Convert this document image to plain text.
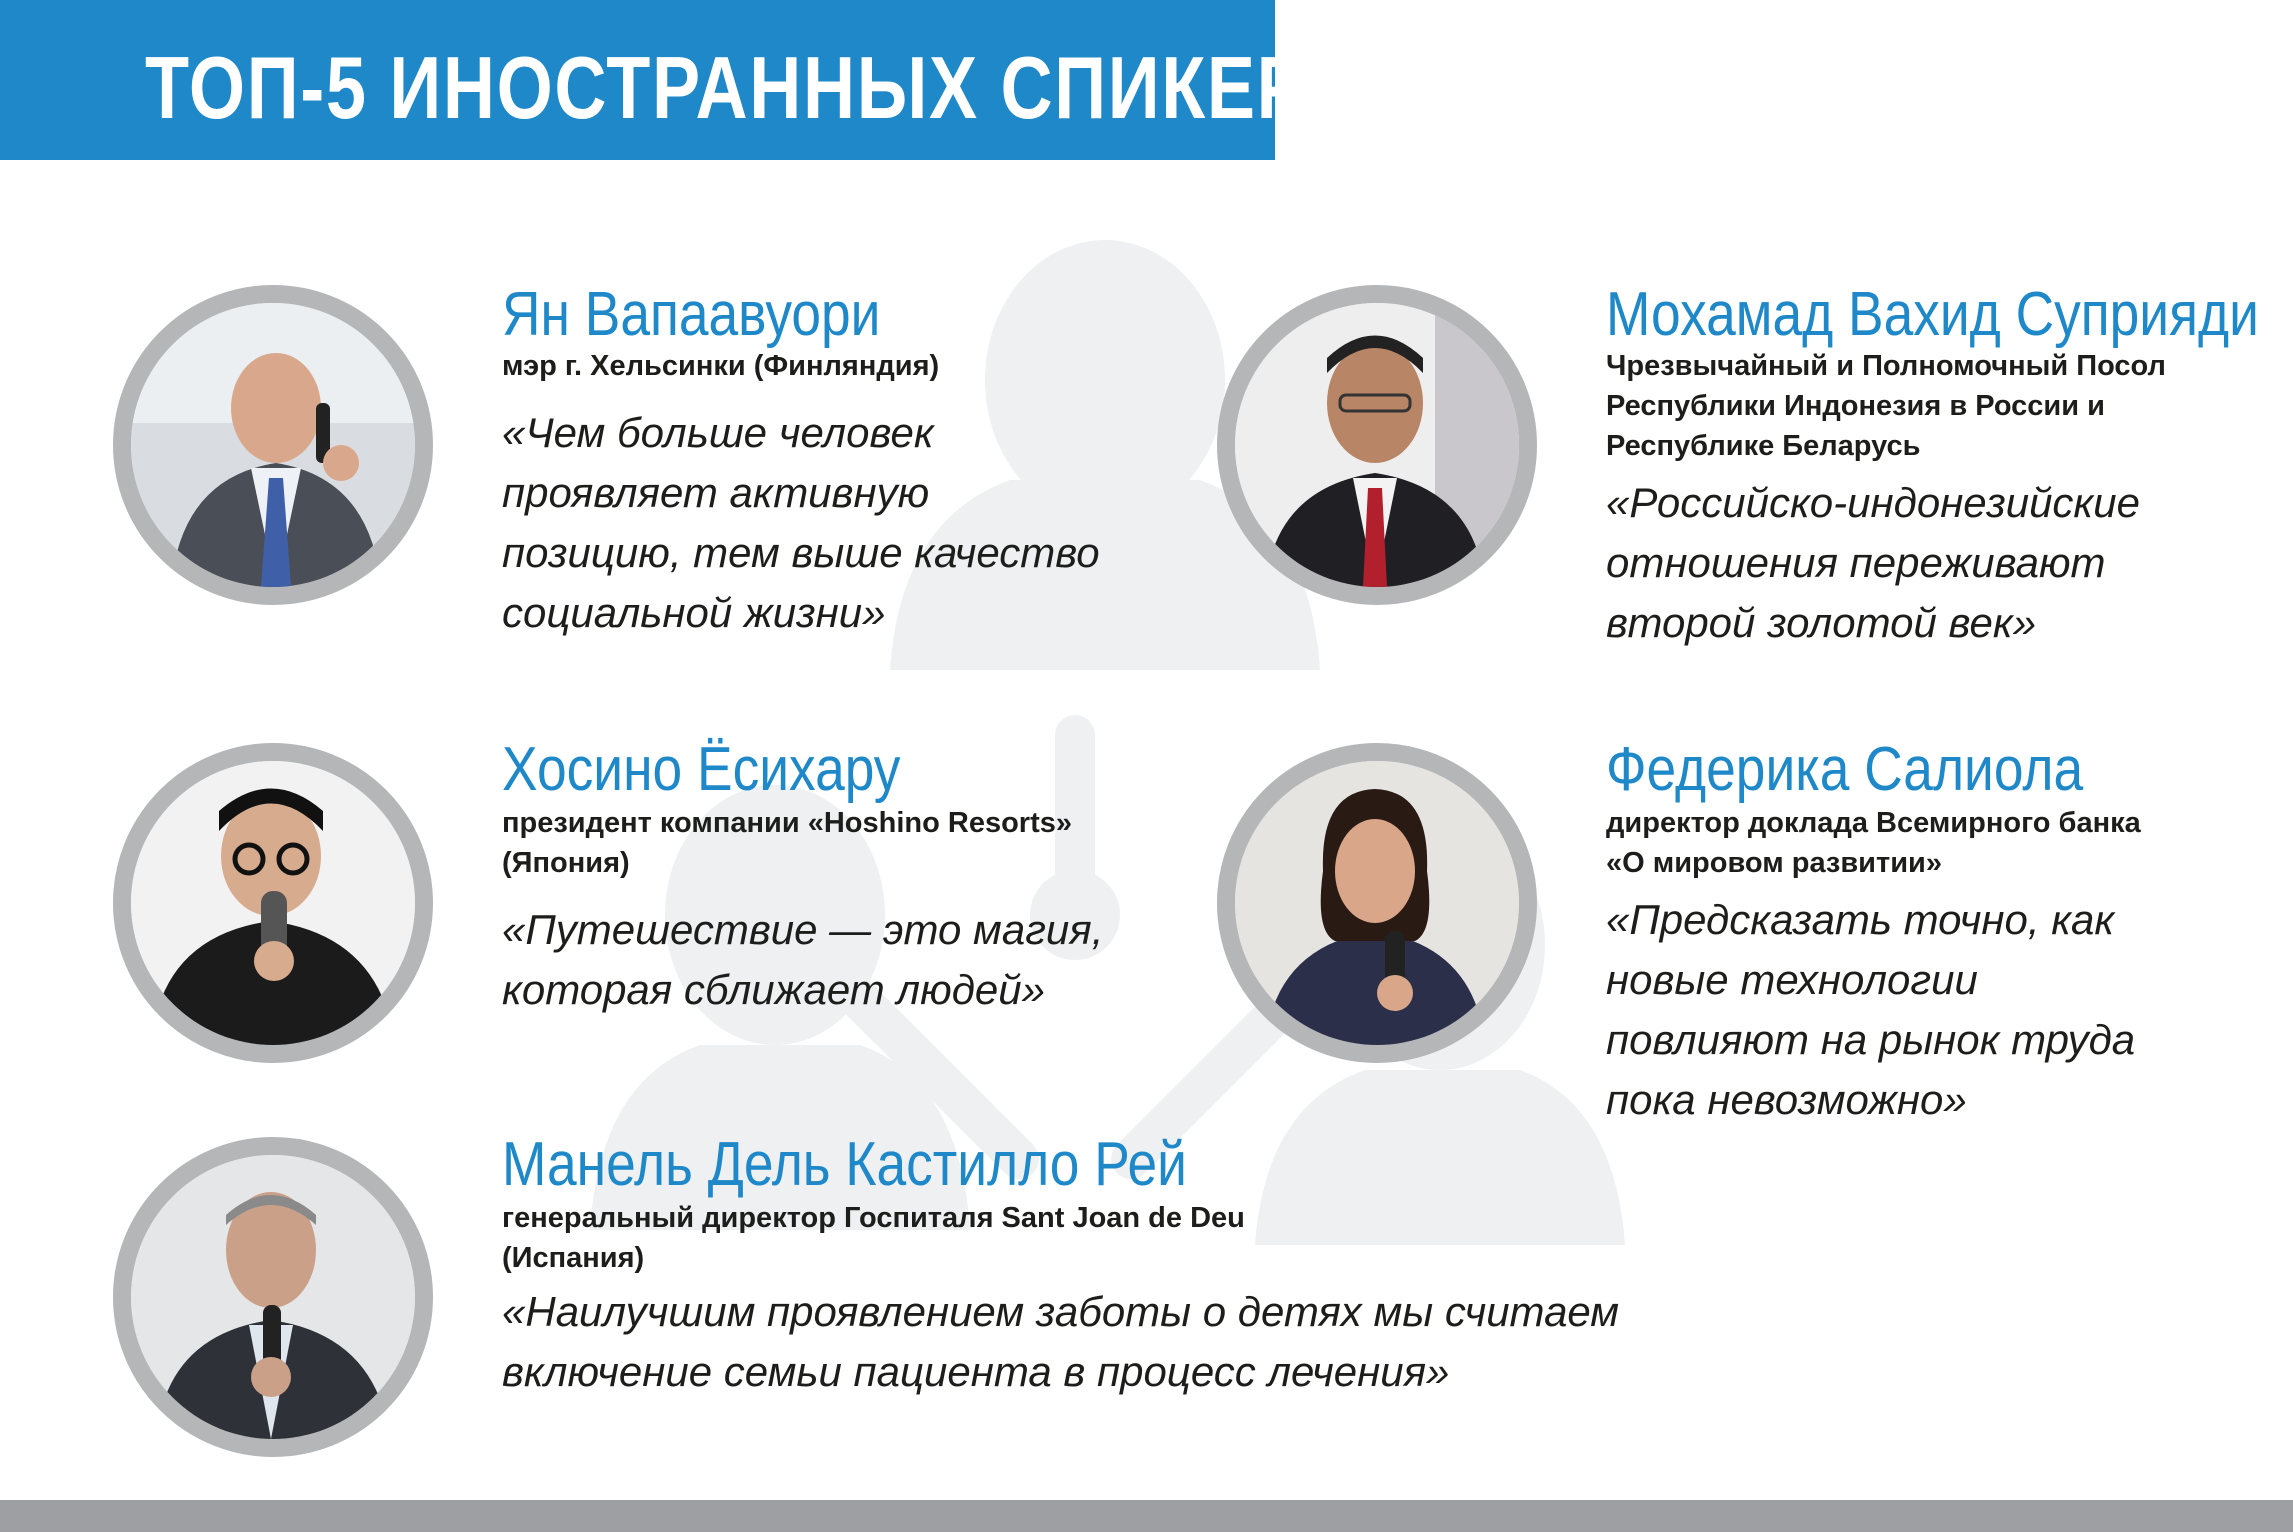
ТОП-5 ИНОСТРАННЫХ СПИКЕРОВ
Ян Вапаавуори
мэр г. Хельсинки (Финляндия)
«Чем больше человек
проявляет активную
позицию, тем выше качество
социальной жизни»
Мохамад Вахид Суприяди
Чрезвычайный и Полномочный Посол
Республики Индонезия в России и
Республике Беларусь
«Российско-индонезийские
отношения переживают
второй золотой век»
Хосино Ёсихару
президент компании «Hoshino Resorts»
(Япония)
«Путешествие — это магия,
которая сближает людей»
Федерика Салиола
директор доклада Всемирного банка
«О мировом развитии»
«Предсказать точно, как
новые технологии
повлияют на рынок труда
пока невозможно»
Манель Дель Кастилло Рей
генеральный директор Госпиталя Sant Joan de Deu
(Испания)
«Наилучшим проявлением заботы о детях мы считаем
включение семьи пациента в процесс лечения»
